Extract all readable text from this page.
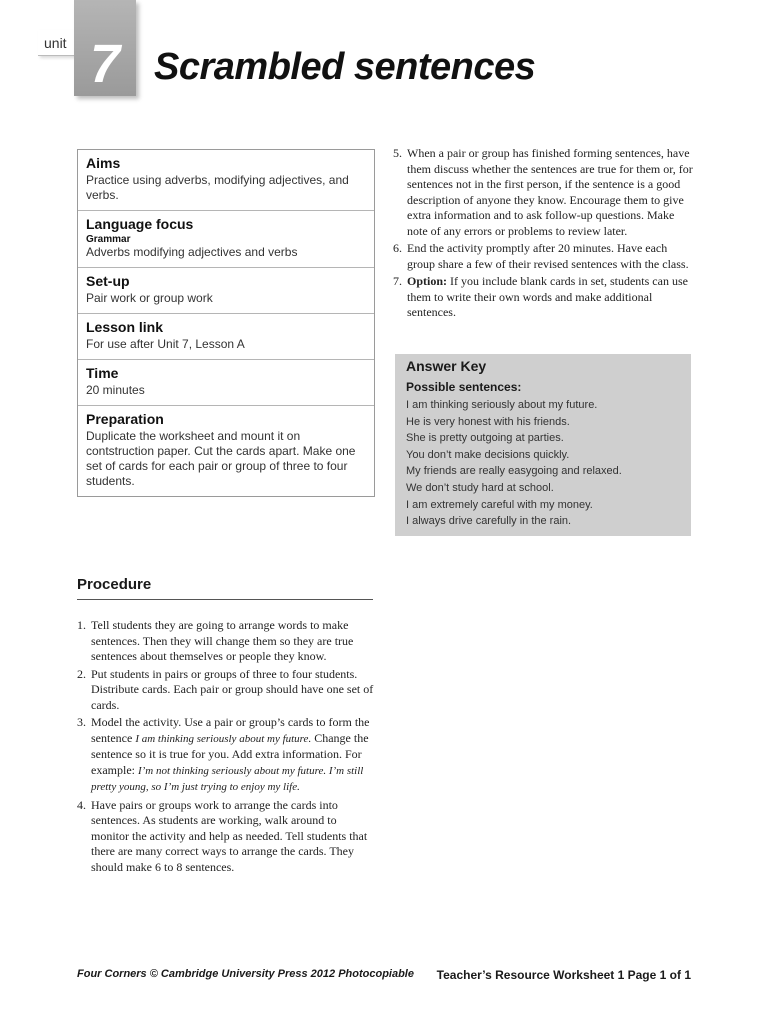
unit 7 Scrambled sentences
Aims
Practice using adverbs, modifying adjectives, and verbs.
Language focus
Grammar
Adverbs modifying adjectives and verbs
Set-up
Pair work or group work
Lesson link
For use after Unit 7, Lesson A
Time
20 minutes
Preparation
Duplicate the worksheet and mount it on contstruction paper. Cut the cards apart. Make one set of cards for each pair or group of three to four students.
Procedure
1. Tell students they are going to arrange words to make sentences. Then they will change them so they are true sentences about themselves or people they know.
2. Put students in pairs or groups of three to four students. Distribute cards. Each pair or group should have one set of cards.
3. Model the activity. Use a pair or group’s cards to form the sentence I am thinking seriously about my future. Change the sentence so it is true for you. Add extra information. For example: I’m not thinking seriously about my future. I’m still pretty young, so I’m just trying to enjoy my life.
4. Have pairs or groups work to arrange the cards into sentences. As students are working, walk around to monitor the activity and help as needed. Tell students that there are many correct ways to arrange the cards. They should make 6 to 8 sentences.
5. When a pair or group has finished forming sentences, have them discuss whether the sentences are true for them or, for sentences not in the first person, if the sentence is a good description of anyone they know. Encourage them to give extra information and to ask follow-up questions. Make note of any errors or problems to review later.
6. End the activity promptly after 20 minutes. Have each group share a few of their revised sentences with the class.
7. Option: If you include blank cards in set, students can use them to write their own words and make additional sentences.
Answer Key
Possible sentences:
I am thinking seriously about my future.
He is very honest with his friends.
She is pretty outgoing at parties.
You don’t make decisions quickly.
My friends are really easygoing and relaxed.
We don’t study hard at school.
I am extremely careful with my money.
I always drive carefully in the rain.
Four Corners © Cambridge University Press 2012 Photocopiable Teacher’s Resource Worksheet 1 Page 1 of 1
